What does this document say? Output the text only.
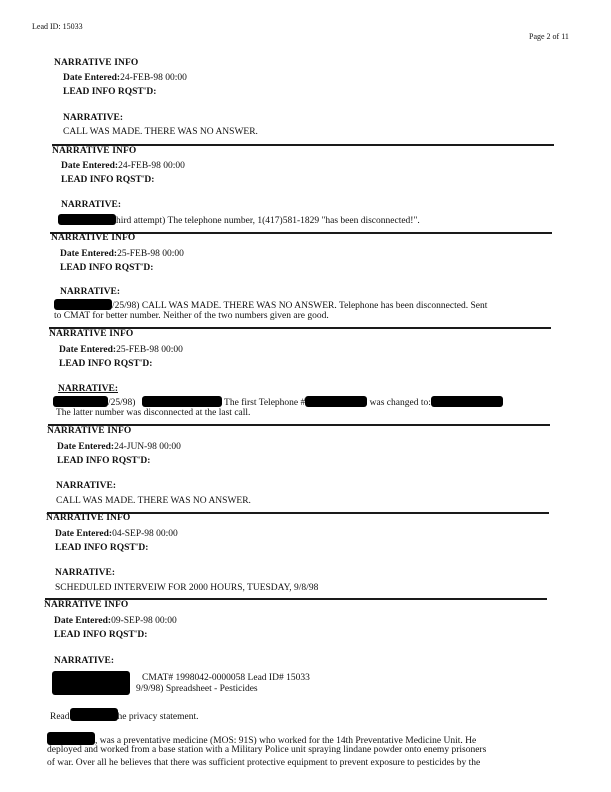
Lead ID: 15033
Page 2 of 11
NARRATIVE INFO
Date Entered:24-FEB-98 00:00
LEAD INFO RQST'D:
NARRATIVE:
CALL WAS MADE. THERE WAS NO ANSWER.
NARRATIVE INFO
Date Entered:24-FEB-98 00:00
LEAD INFO RQST'D:
NARRATIVE:
hird attempt) The telephone number, 1(417)581-1829 "has been disconnected!".
NARRATIVE INFO
Date Entered:25-FEB-98 00:00
LEAD INFO RQST'D:
NARRATIVE:
/25/98) CALL WAS MADE. THERE WAS NO ANSWER. Telephone has been disconnected. Sent
to CMAT for better number. Neither of the two numbers given are good.
NARRATIVE INFO
Date Entered:25-FEB-98 00:00
LEAD INFO RQST'D:
NARRATIVE:
/25/98)	The first Telephone #	was changed to:
The latter number was disconnected at the last call.
NARRATIVE INFO
Date Entered:24-JUN-98 00:00
LEAD INFO RQST'D:
NARRATIVE:
CALL WAS MADE. THERE WAS NO ANSWER.
NARRATIVE INFO
Date Entered:04-SEP-98 00:00
LEAD INFO RQST'D:
NARRATIVE:
SCHEDULED INTERVEIW FOR 2000 HOURS, TUESDAY, 9/8/98
NARRATIVE INFO
Date Entered:09-SEP-98 00:00
LEAD INFO RQST'D:
NARRATIVE:
CMAT# 1998042-0000058 Lead ID# 15033
9/9/98) Spreadsheet - Pesticides
Read	he privacy statement.
, was a preventative medicine (MOS: 91S) who worked for the 14th Preventative Medicine Unit. He
deployed and worked from a base station with a Military Police unit spraying lindane powder onto enemy prisoners
of war. Over all he believes that there was sufficient protective equipment to prevent exposure to pesticides by the
